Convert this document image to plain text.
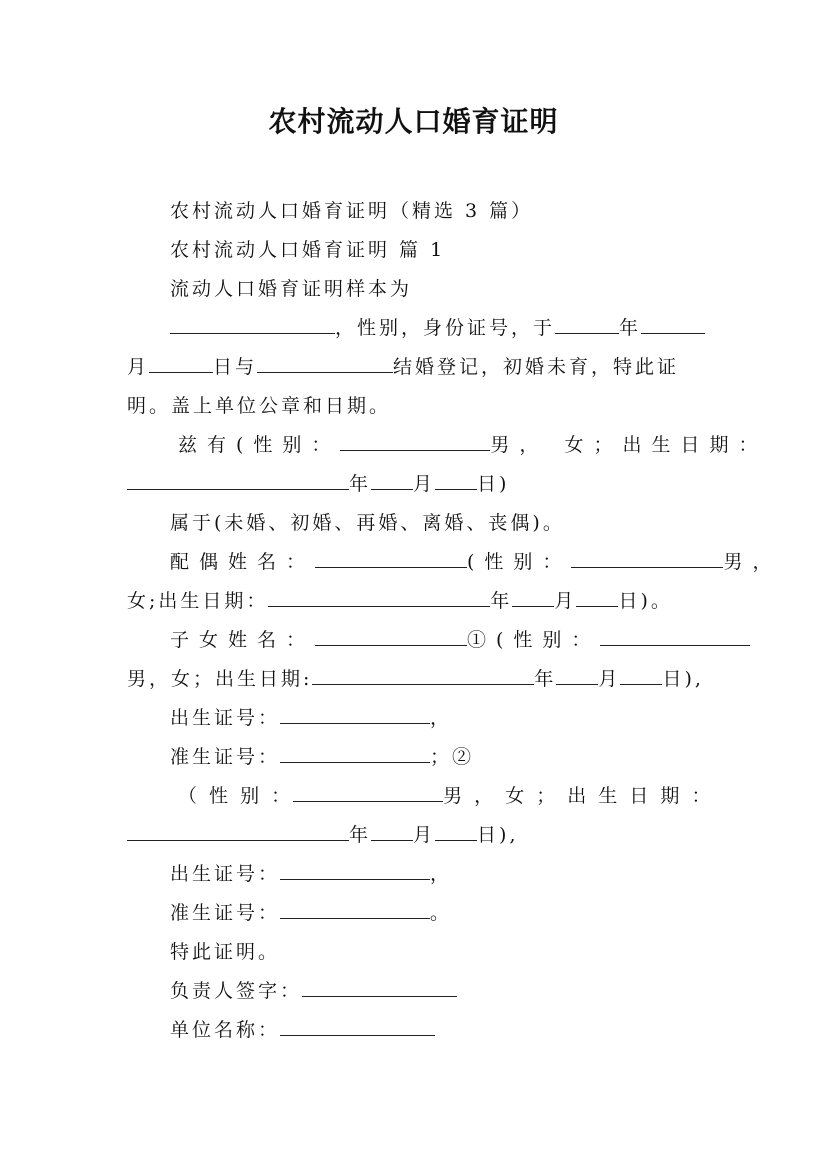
农村流动人口婚育证明
农村流动人口婚育证明（精选 3 篇）
农村流动人口婚育证明 篇 1
流动人口婚育证明样本为
，性别，身份证号，于	年
月	日与	结婚登记，初婚未育，特此证
明。盖上单位公章和日期。
兹有(性别：	男， 女；出生日期：
年 月 日)
属于(未婚、初婚、再婚、离婚、丧偶)。
配偶姓名：	(性别：	男，
女;出生日期：	年 月 日)。
子女姓名：	①(性别：
男，女；出生日期:	年 月 日),
出生证号：	，
准生证号：	；②
（ 性 别 ：	男 ， 女 ； 出 生 日 期 ：
年 月 日),
出生证号：	，
准生证号：	。
特此证明。
负责人签字：
单位名称：
